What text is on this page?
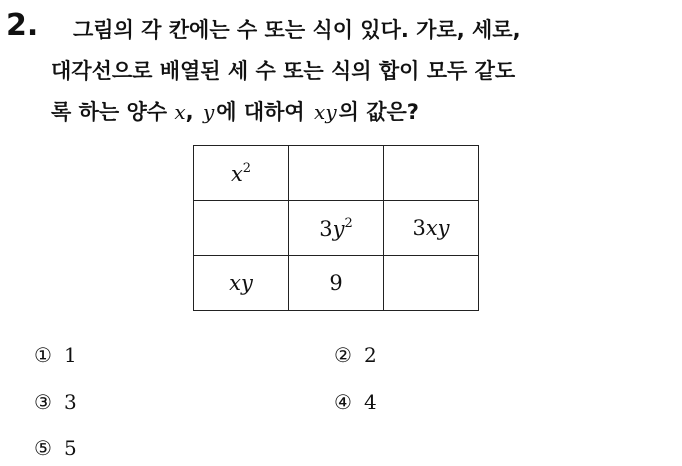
2.	그림의 각 칸에는 수 또는 식이 있다. 가로, 세로,
대각선으로 배열된 세 수 또는 식의 합이 모두 같도
록 하는 양수 x, y에 대하여 xy의 값은?
$x^2$		
	$3y^2$	3xy
xy	9	
① 1	② 2
③ 3	④ 4
⑤ 5
